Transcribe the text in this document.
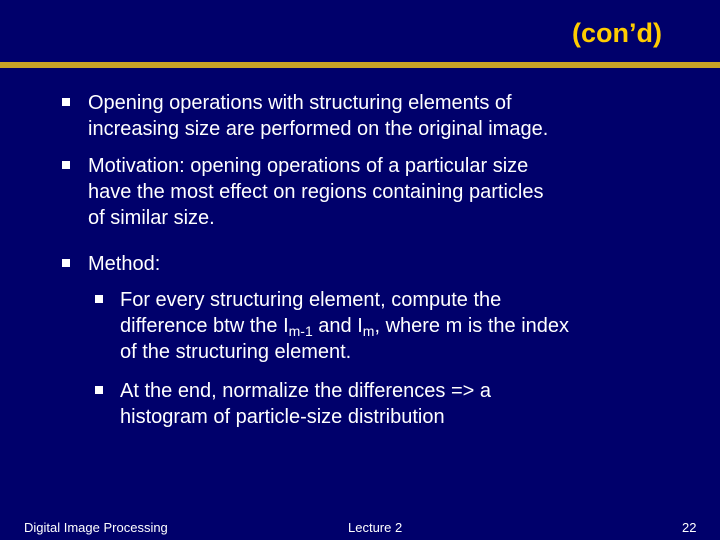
(con’d)
Opening operations with structuring elements of
increasing size are performed on the original image.
Motivation: opening operations of a particular size
have the most effect on regions containing particles
of similar size.
Method:
For every structuring element, compute the
difference btw the $I_{m-1}$ and $I_m$, where m is the index
of the structuring element.
At the end, normalize the differences => a
histogram of particle-size distribution
Digital Image Processing	Lecture 2	22
